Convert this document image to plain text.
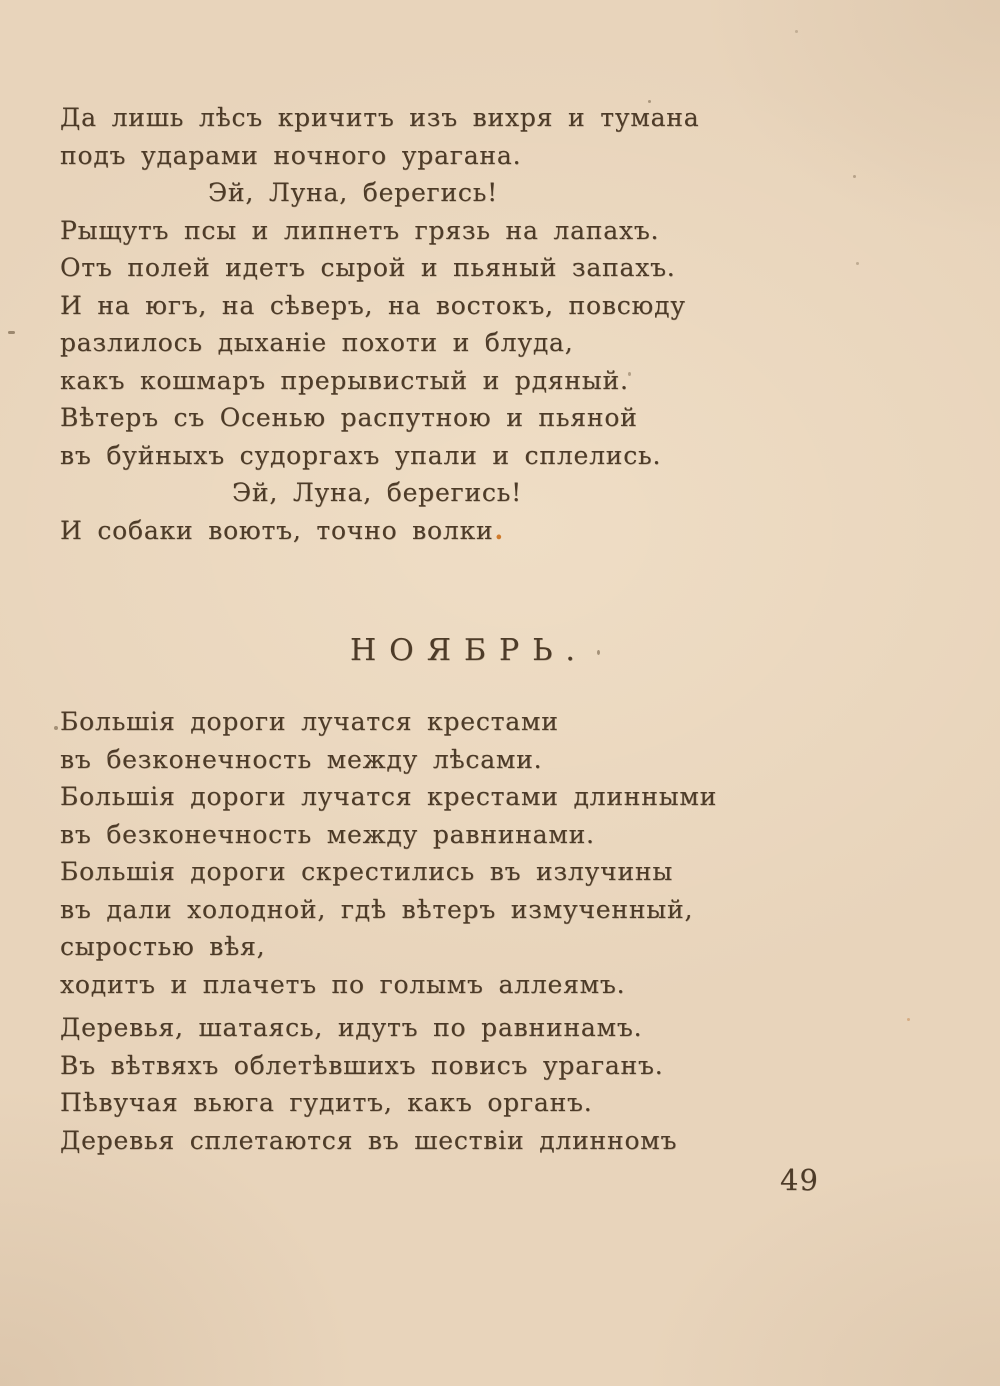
Да лишь лѣсъ кричитъ изъ вихря и тумана
подъ ударами ночного урагана.
Эй, Луна, берегись!
Рыщутъ псы и липнетъ грязь на лапахъ.
Отъ полей идетъ сырой и пьяный запахъ.
И на югъ, на сѣверъ, на востокъ, повсюду
разлилось дыханіе похоти и блуда,
какъ кошмаръ прерывистый и рдяный.
Вѣтеръ съ Осенью распутною и пьяной
въ буйныхъ судоргахъ упали и сплелись.
Эй, Луна, берегись!
И собаки воютъ, точно волки.
НОЯБРЬ.
Большія дороги лучатся крестами
въ безконечность между лѣсами.
Большія дороги лучатся крестами длинными
въ безконечность между равнинами.
Большія дороги скрестились въ излучины
въ дали холодной, гдѣ вѣтеръ измученный,
сыростью вѣя,
ходитъ и плачетъ по голымъ аллеямъ.
Деревья, шатаясь, идутъ по равнинамъ.
Въ вѣтвяхъ облетѣвшихъ повисъ ураганъ.
Пѣвучая вьюга гудитъ, какъ органъ.
Деревья сплетаются въ шествіи длинномъ
49
